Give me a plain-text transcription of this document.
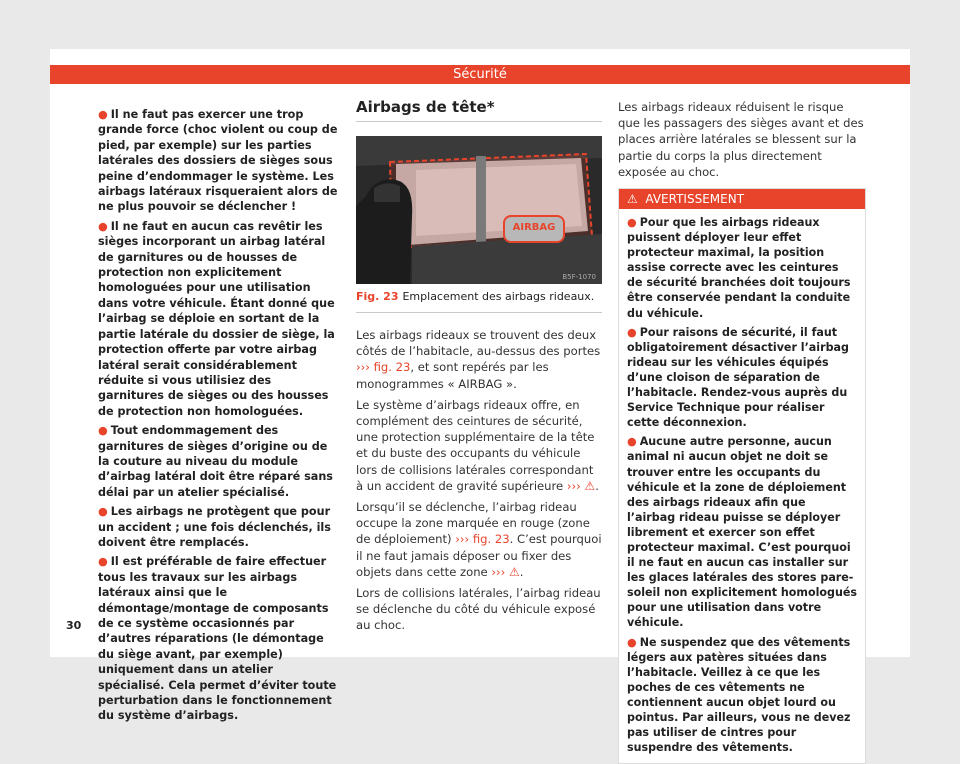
Sécurité

● Il ne faut pas exercer une trop grande force (choc violent ou coup de pied, par exemple) sur les parties latérales des dossiers de sièges sous peine d’endommager le système. Les airbags latéraux risqueraient alors de ne plus pouvoir se déclencher !

● Il ne faut en aucun cas revêtir les sièges incorporant un airbag latéral de garnitures ou de housses de protection non explicitement homologuées pour une utilisation dans votre véhicule. Étant donné que l’airbag se déploie en sortant de la partie latérale du dossier de siège, la protection offerte par votre airbag latéral serait considérablement réduite si vous utilisiez des garnitures de sièges ou des housses de protection non homologuées.

● Tout endommagement des garnitures de sièges d’origine ou de la couture au niveau du module d’airbag latéral doit être réparé sans délai par un atelier spécialisé.

● Les airbags ne protègent que pour un accident ; une fois déclenchés, ils doivent être remplacés.

● Il est préférable de faire effectuer tous les travaux sur les airbags latéraux ainsi que le démontage/montage de composants de ce système occasionnés par d’autres réparations (le démontage du siège avant, par exemple) uniquement dans un atelier spécialisé. Cela permet d’éviter toute perturbation dans le fonctionnement du système d’airbags.

Airbags de tête*
AIRBAG
B5F-1070
Fig. 23 Emplacement des airbags rideaux.

Les airbags rideaux se trouvent des deux côtés de l’habitacle, au-dessus des portes ››› fig. 23, et sont repérés par les monogrammes « AIRBAG ».

Le système d’airbags rideaux offre, en complément des ceintures de sécurité, une protection supplémentaire de la tête et du buste des occupants du véhicule lors de collisions latérales correspondant à un accident de gravité supérieure ››› ⚠.

Lorsqu’il se déclenche, l’airbag rideau occupe la zone marquée en rouge (zone de déploiement) ››› fig. 23. C’est pourquoi il ne faut jamais déposer ou fixer des objets dans cette zone ››› ⚠.

Lors de collisions latérales, l’airbag rideau se déclenche du côté du véhicule exposé au choc.

Les airbags rideaux réduisent le risque que les passagers des sièges avant et des places arrière latérales se blessent sur la partie du corps la plus directement exposée au choc.

⚠ AVERTISSEMENT

● Pour que les airbags rideaux puissent déployer leur effet protecteur maximal, la position assise correcte avec les ceintures de sécurité branchées doit toujours être conservée pendant la conduite du véhicule.

● Pour raisons de sécurité, il faut obligatoirement désactiver l’airbag rideau sur les véhicules équipés d’une cloison de séparation de l’habitacle. Rendez-vous auprès du Service Technique pour réaliser cette déconnexion.

● Aucune autre personne, aucun animal ni aucun objet ne doit se trouver entre les occupants du véhicule et la zone de déploiement des airbags rideaux afin que l’airbag rideau puisse se déployer librement et exercer son effet protecteur maximal. C’est pourquoi il ne faut en aucun cas installer sur les glaces latérales des stores pare-soleil non explicitement homologués pour une utilisation dans votre véhicule.

● Ne suspendez que des vêtements légers aux patères situées dans l’habitacle. Veillez à ce que les poches de ces vêtements ne contiennent aucun objet lourd ou pointus. Par ailleurs, vous ne devez pas utiliser de cintres pour suspendre des vêtements.

30
